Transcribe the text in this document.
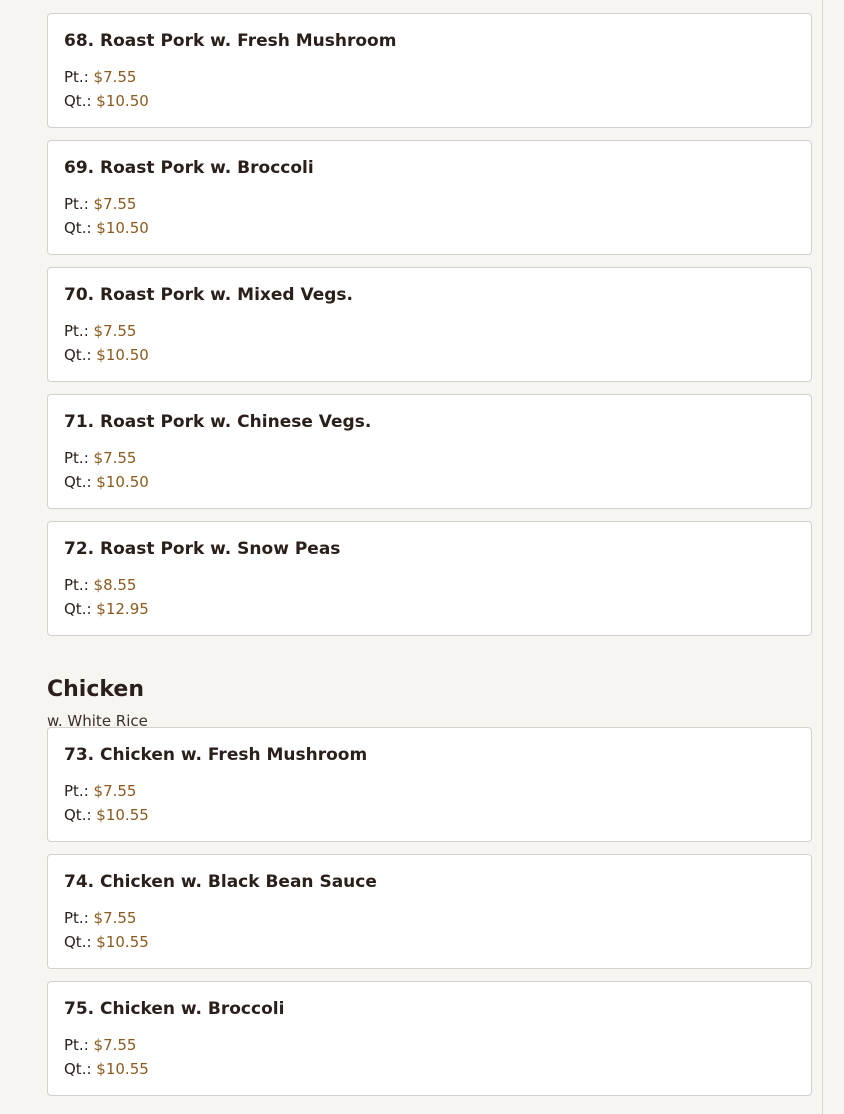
68. Roast Pork w. Fresh Mushroom
Pt.: $7.55
Qt.: $10.50
69. Roast Pork w. Broccoli
Pt.: $7.55
Qt.: $10.50
70. Roast Pork w. Mixed Vegs.
Pt.: $7.55
Qt.: $10.50
71. Roast Pork w. Chinese Vegs.
Pt.: $7.55
Qt.: $10.50
72. Roast Pork w. Snow Peas
Pt.: $8.55
Qt.: $12.95
Chicken
w. White Rice
73. Chicken w. Fresh Mushroom
Pt.: $7.55
Qt.: $10.55
74. Chicken w. Black Bean Sauce
Pt.: $7.55
Qt.: $10.55
75. Chicken w. Broccoli
Pt.: $7.55
Qt.: $10.55
